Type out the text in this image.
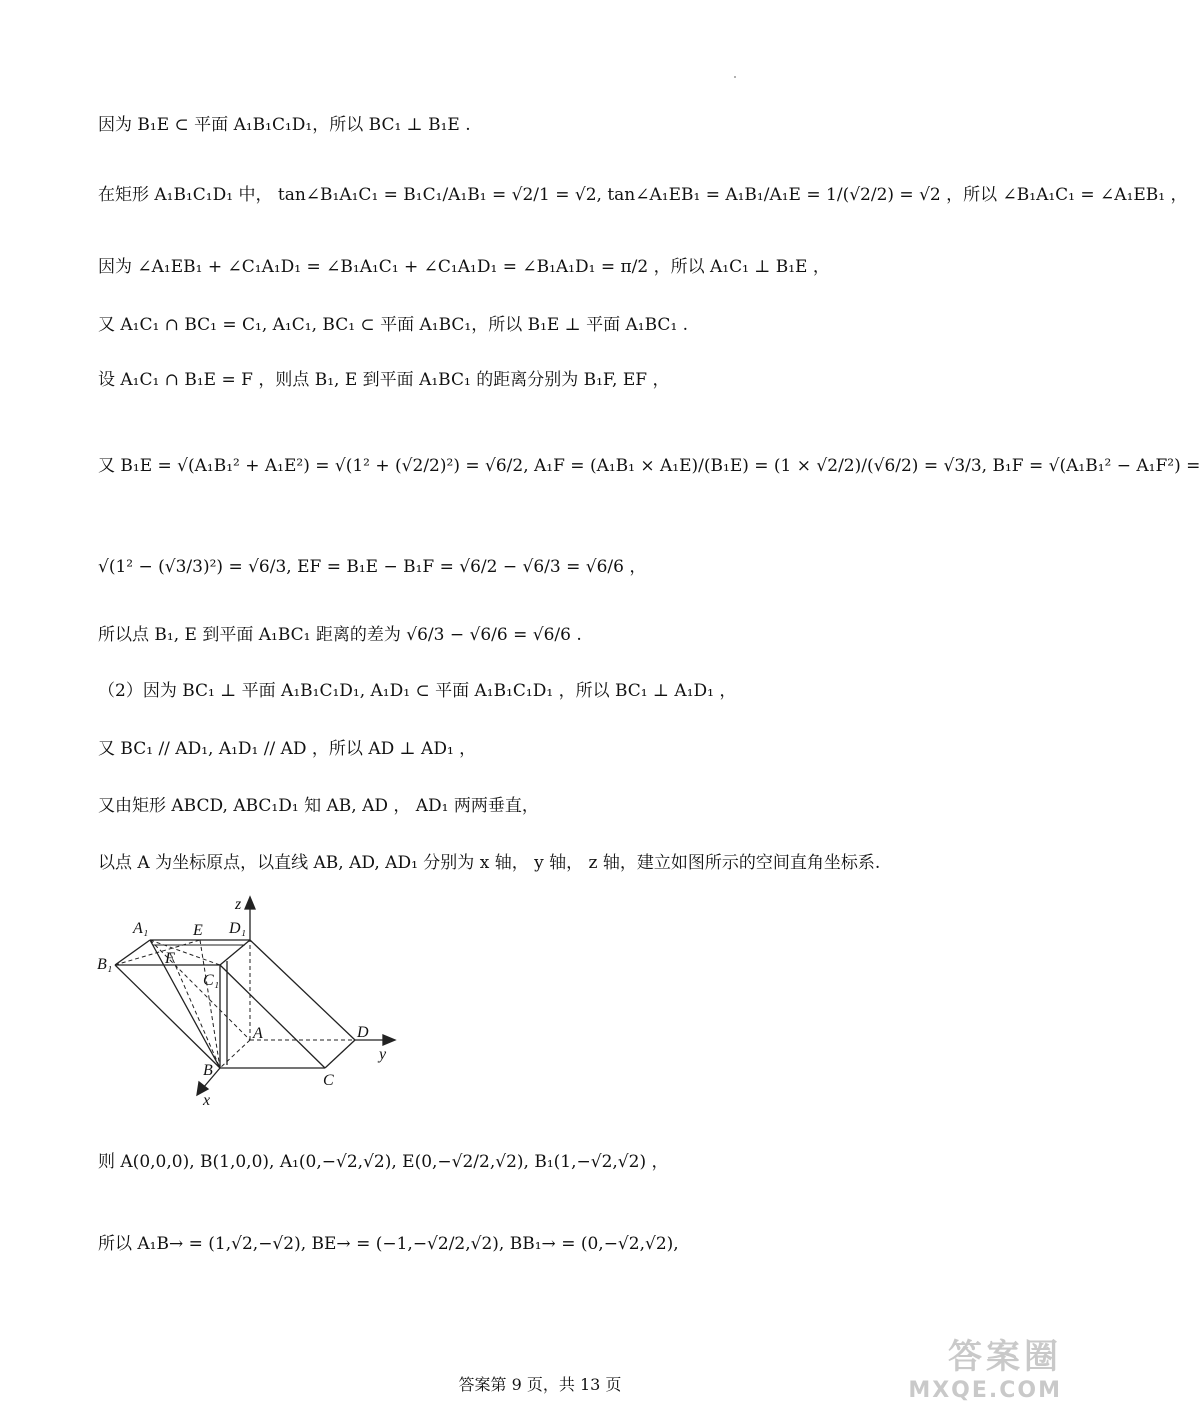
因为 B₁E ⊂ 平面 A₁B₁C₁D₁，所以 BC₁ ⊥ B₁E .
在矩形 A₁B₁C₁D₁ 中， tan∠B₁A₁C₁ = B₁C₁/A₁B₁ = √2/1 = √2, tan∠A₁EB₁ = A₁B₁/A₁E = 1/(√2/2) = √2 ，所以 ∠B₁A₁C₁ = ∠A₁EB₁ ，
因为 ∠A₁EB₁ + ∠C₁A₁D₁ = ∠B₁A₁C₁ + ∠C₁A₁D₁ = ∠B₁A₁D₁ = π/2 ，所以 A₁C₁ ⊥ B₁E ，
又 A₁C₁ ∩ BC₁ = C₁, A₁C₁, BC₁ ⊂ 平面 A₁BC₁，所以 B₁E ⊥ 平面 A₁BC₁ .
设 A₁C₁ ∩ B₁E = F ，则点 B₁, E 到平面 A₁BC₁ 的距离分别为 B₁F, EF ，
又 B₁E = √(A₁B₁² + A₁E²) = √(1² + (√2/2)²) = √6/2, A₁F = (A₁B₁ × A₁E)/(B₁E) = (1 × √2/2)/(√6/2) = √3/3, B₁F = √(A₁B₁² − A₁F²) =
√(1² − (√3/3)²) = √6/3, EF = B₁E − B₁F = √6/2 − √6/3 = √6/6 ，
所以点 B₁, E 到平面 A₁BC₁ 距离的差为 √6/3 − √6/6 = √6/6 .
（2）因为 BC₁ ⊥ 平面 A₁B₁C₁D₁, A₁D₁ ⊂ 平面 A₁B₁C₁D₁ ，所以 BC₁ ⊥ A₁D₁ ，
又 BC₁ // AD₁, A₁D₁ // AD ，所以 AD ⊥ AD₁ ，
又由矩形 ABCD, ABC₁D₁ 知 AB, AD ， AD₁ 两两垂直，
以点 A 为坐标原点，以直线 AB, AD, AD₁ 分别为 x 轴， y 轴， z 轴，建立如图所示的空间直角坐标系.
A₁	E D₁
B₁	F
C₁
A	D
B
C
x
y
z
则 A(0,0,0), B(1,0,0), A₁(0,−√2,√2), E(0,−√2/2,√2), B₁(1,−√2,√2) ，
所以 A₁B→ = (1,√2,−√2), BE→ = (−1,−√2/2,√2), BB₁→ = (0,−√2,√2),
答案第 9 页，共 13 页
答案圈
MXQE.COM
